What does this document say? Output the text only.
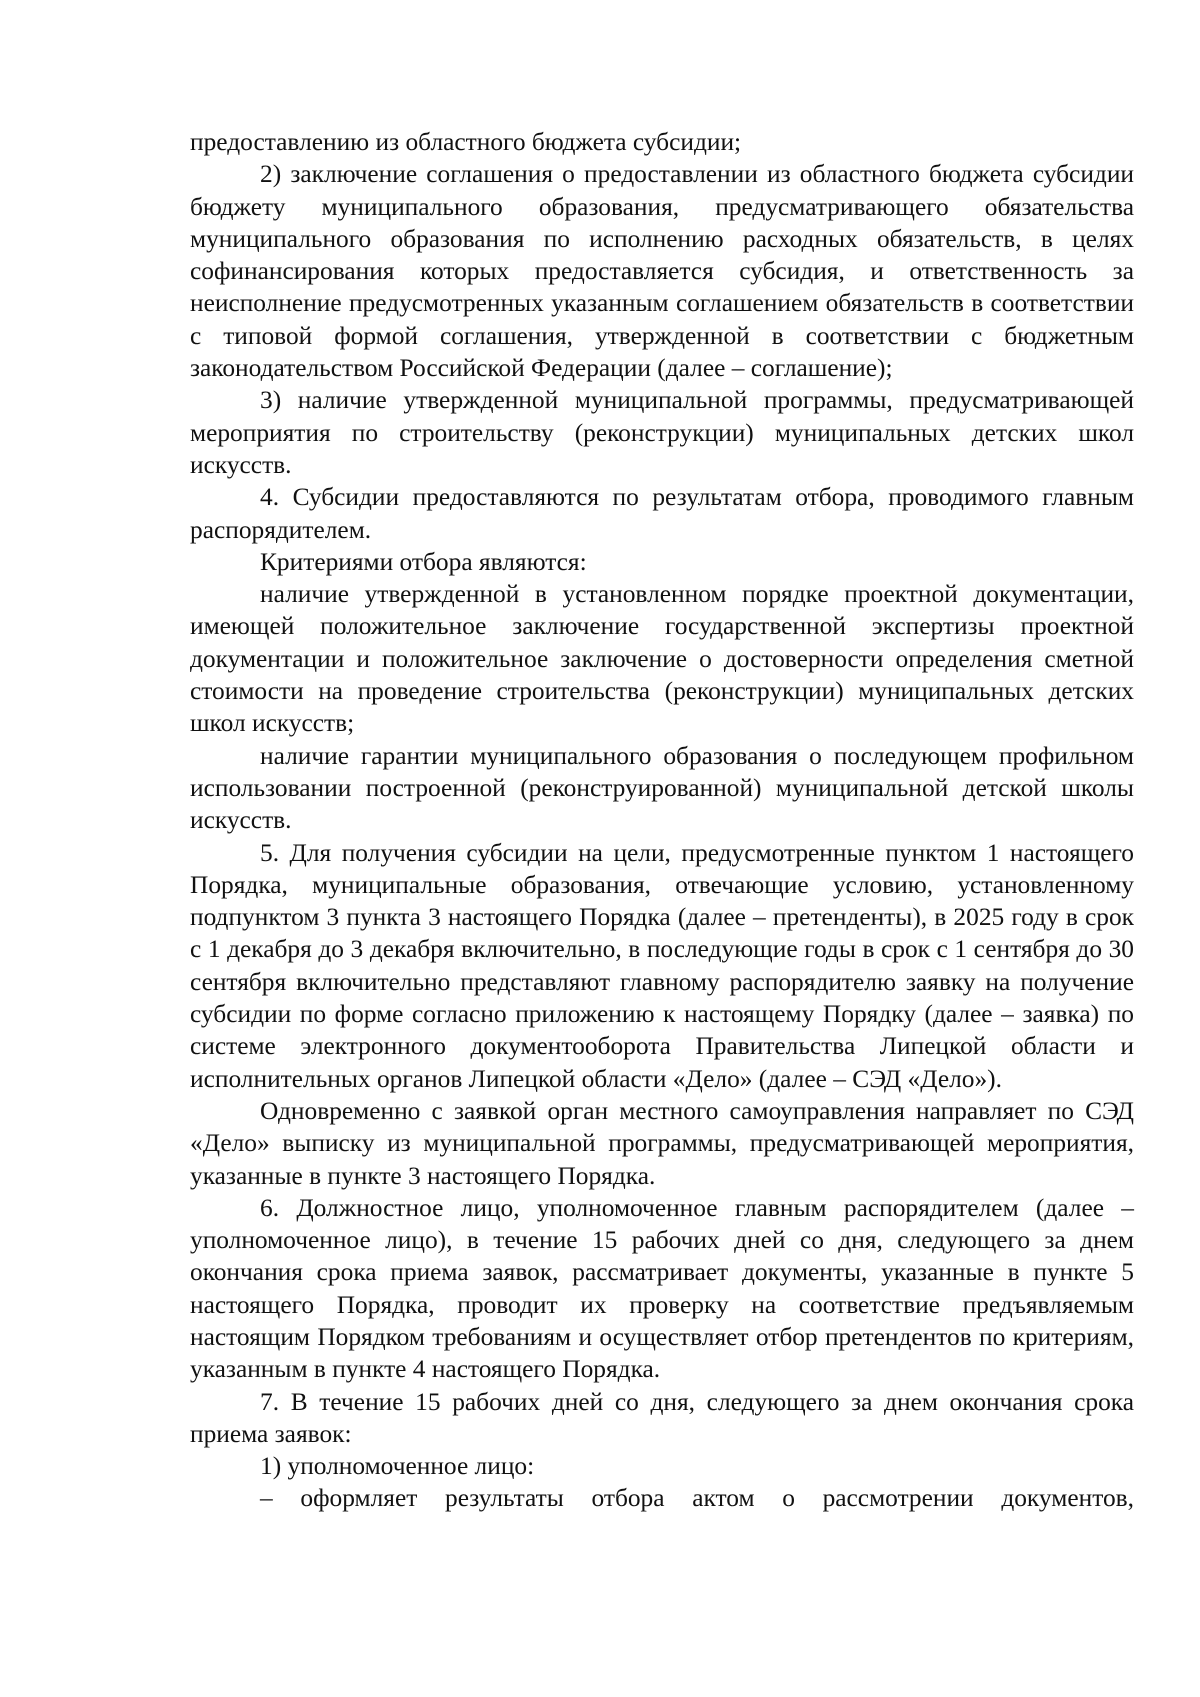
предоставлению из областного бюджета субсидии;

2) заключение соглашения о предоставлении из областного бюджета субсидии бюджету муниципального образования, предусматривающего обязательства муниципального образования по исполнению расходных обязательств, в целях софинансирования которых предоставляется субсидия, и ответственность за неисполнение предусмотренных указанным соглашением обязательств в соответствии с типовой формой соглашения, утвержденной в соответствии с бюджетным законодательством Российской Федерации (далее – соглашение);

3) наличие утвержденной муниципальной программы, предусматривающей мероприятия по строительству (реконструкции) муниципальных детских школ искусств.

4. Субсидии предоставляются по результатам отбора, проводимого главным распорядителем.

Критериями отбора являются:

наличие утвержденной в установленном порядке проектной документации, имеющей положительное заключение государственной экспертизы проектной документации и положительное заключение о достоверности определения сметной стоимости на проведение строительства (реконструкции) муниципальных детских школ искусств;

наличие гарантии муниципального образования о последующем профильном использовании построенной (реконструированной) муниципальной детской школы искусств.

5. Для получения субсидии на цели, предусмотренные пунктом 1 настоящего Порядка, муниципальные образования, отвечающие условию, установленному подпунктом 3 пункта 3 настоящего Порядка (далее – претенденты), в 2025 году в срок с 1 декабря до 3 декабря включительно, в последующие годы в срок с 1 сентября до 30 сентября включительно представляют главному распорядителю заявку на получение субсидии по форме согласно приложению к настоящему Порядку (далее – заявка) по системе электронного документооборота Правительства Липецкой области и исполнительных органов Липецкой области «Дело» (далее – СЭД «Дело»).

Одновременно с заявкой орган местного самоуправления направляет по СЭД «Дело» выписку из муниципальной программы, предусматривающей мероприятия, указанные в пункте 3 настоящего Порядка.

6. Должностное лицо, уполномоченное главным распорядителем (далее – уполномоченное лицо), в течение 15 рабочих дней со дня, следующего за днем окончания срока приема заявок, рассматривает документы, указанные в пункте 5 настоящего Порядка, проводит их проверку на соответствие предъявляемым настоящим Порядком требованиям и осуществляет отбор претендентов по критериям, указанным в пункте 4 настоящего Порядка.

7. В течение 15 рабочих дней со дня, следующего за днем окончания срока приема заявок:

1) уполномоченное лицо:

– оформляет результаты отбора актом о рассмотрении документов,
